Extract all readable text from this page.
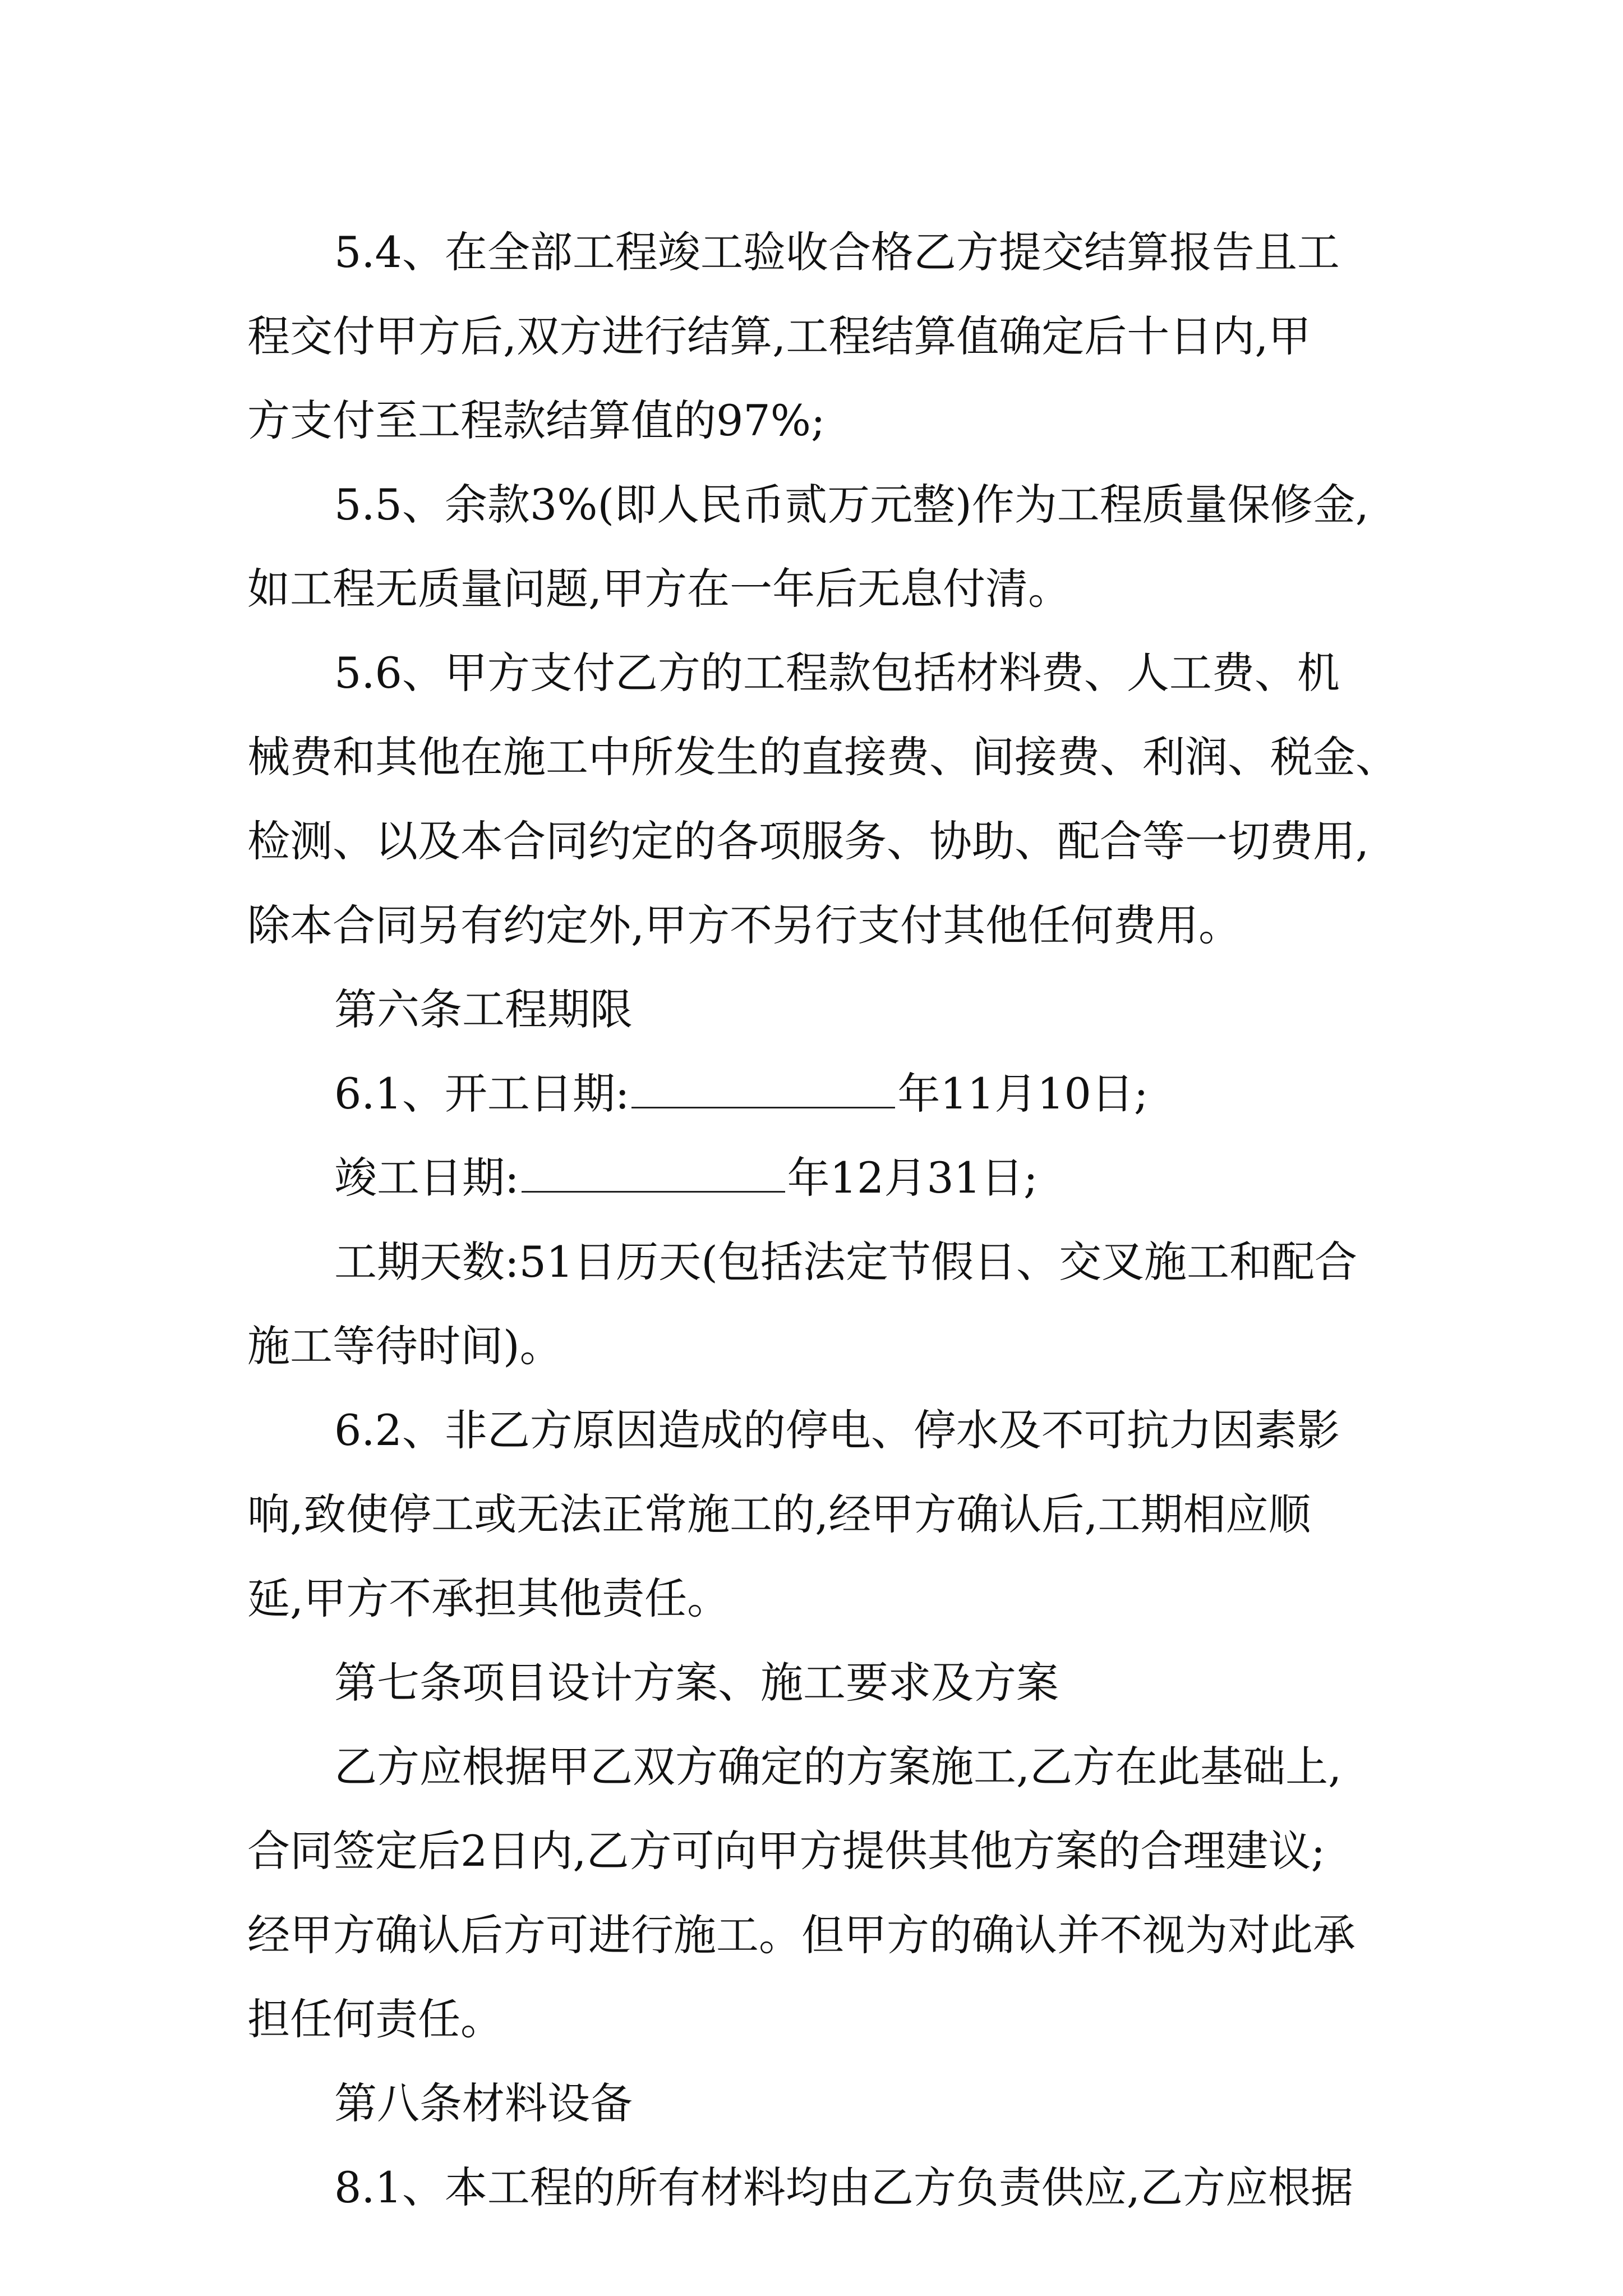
5.4、在全部工程竣工验收合格乙方提交结算报告且工
程交付甲方后,双方进行结算,工程结算值确定后十日内,甲
方支付至工程款结算值的97%;
5.5、余款3%(即人民币贰万元整)作为工程质量保修金,
如工程无质量问题,甲方在一年后无息付清。
5.6、甲方支付乙方的工程款包括材料费、人工费、机
械费和其他在施工中所发生的直接费、间接费、利润、税金、
检测、以及本合同约定的各项服务、协助、配合等一切费用,
除本合同另有约定外,甲方不另行支付其他任何费用。
第六条工程期限
6.1、开工日期:	年11月10日;
竣工日期:	年12月31日;
工期天数:51日历天(包括法定节假日、交叉施工和配合
施工等待时间)。
6.2、非乙方原因造成的停电、停水及不可抗力因素影
响,致使停工或无法正常施工的,经甲方确认后,工期相应顺
延,甲方不承担其他责任。
第七条项目设计方案、施工要求及方案
乙方应根据甲乙双方确定的方案施工,乙方在此基础上,
合同签定后2日内,乙方可向甲方提供其他方案的合理建议;
经甲方确认后方可进行施工。但甲方的确认并不视为对此承
担任何责任。
第八条材料设备
8.1、本工程的所有材料均由乙方负责供应,乙方应根据
